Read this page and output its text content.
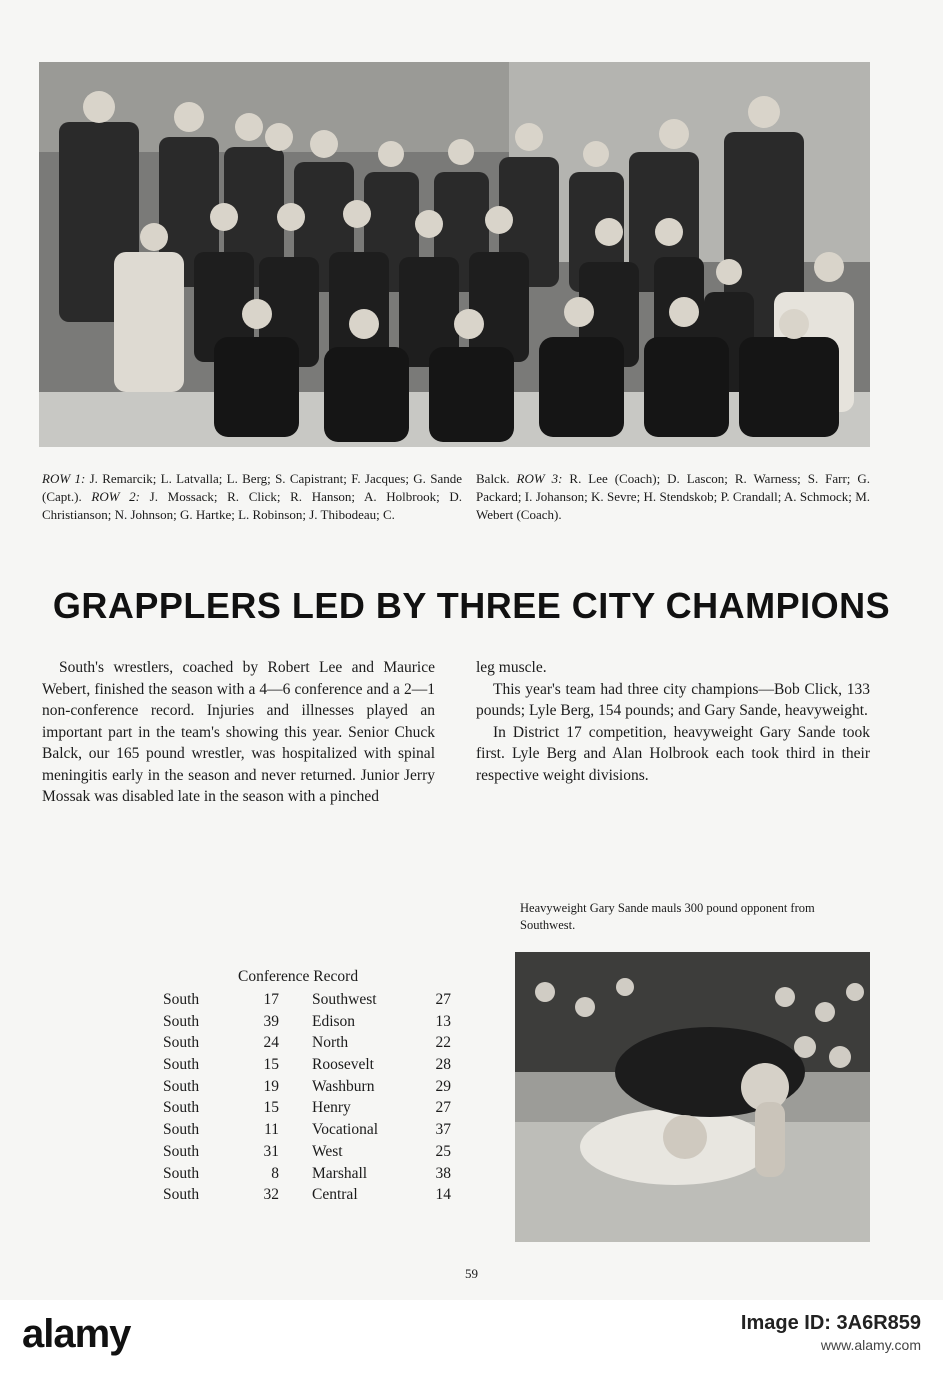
ROW 1: J. Remarcik; L. Latvalla; L. Berg; S. Capistrant; F. Jacques; G. Sande (Capt.). ROW 2: J. Mossack; R. Click; R. Hanson; A. Holbrook; D. Christianson; N. Johnson; G. Hartke; L. Robinson; J. Thibodeau; C.
Balck. ROW 3: R. Lee (Coach); D. Lascon; R. Warness; S. Farr; G. Packard; I. Johanson; K. Sevre; H. Stendskob; P. Crandall; A. Schmock; M. Webert (Coach).
GRAPPLERS LED BY THREE CITY CHAMPIONS

South's wrestlers, coached by Robert Lee and Maurice Webert, finished the season with a 4—6 conference and a 2—1 non-conference record. Injuries and illnesses played an important part in the team's showing this year. Senior Chuck Balck, our 165 pound wrestler, was hospitalized with spinal meningitis early in the season and never returned. Junior Jerry Mossak was disabled late in the season with a pinched

leg muscle.

This year's team had three city champions—Bob Click, 133 pounds; Lyle Berg, 154 pounds; and Gary Sande, heavyweight.

In District 17 competition, heavyweight Gary Sande took first. Lyle Berg and Alan Holbrook each took third in their respective weight divisions.

Heavyweight Gary Sande mauls 300 pound opponent from Southwest.
Conference Record
South	17 Southwest	27
South	39 Edison	13
South	24 North	22
South	15 Roosevelt	28
South	19 Washburn	29
South	15 Henry	27
South	11 Vocational	37
South	31 West	25
South	8 Marshall	38
South	32 Central	14
59
alamy	Image ID: 3A6R859
www.alamy.com
